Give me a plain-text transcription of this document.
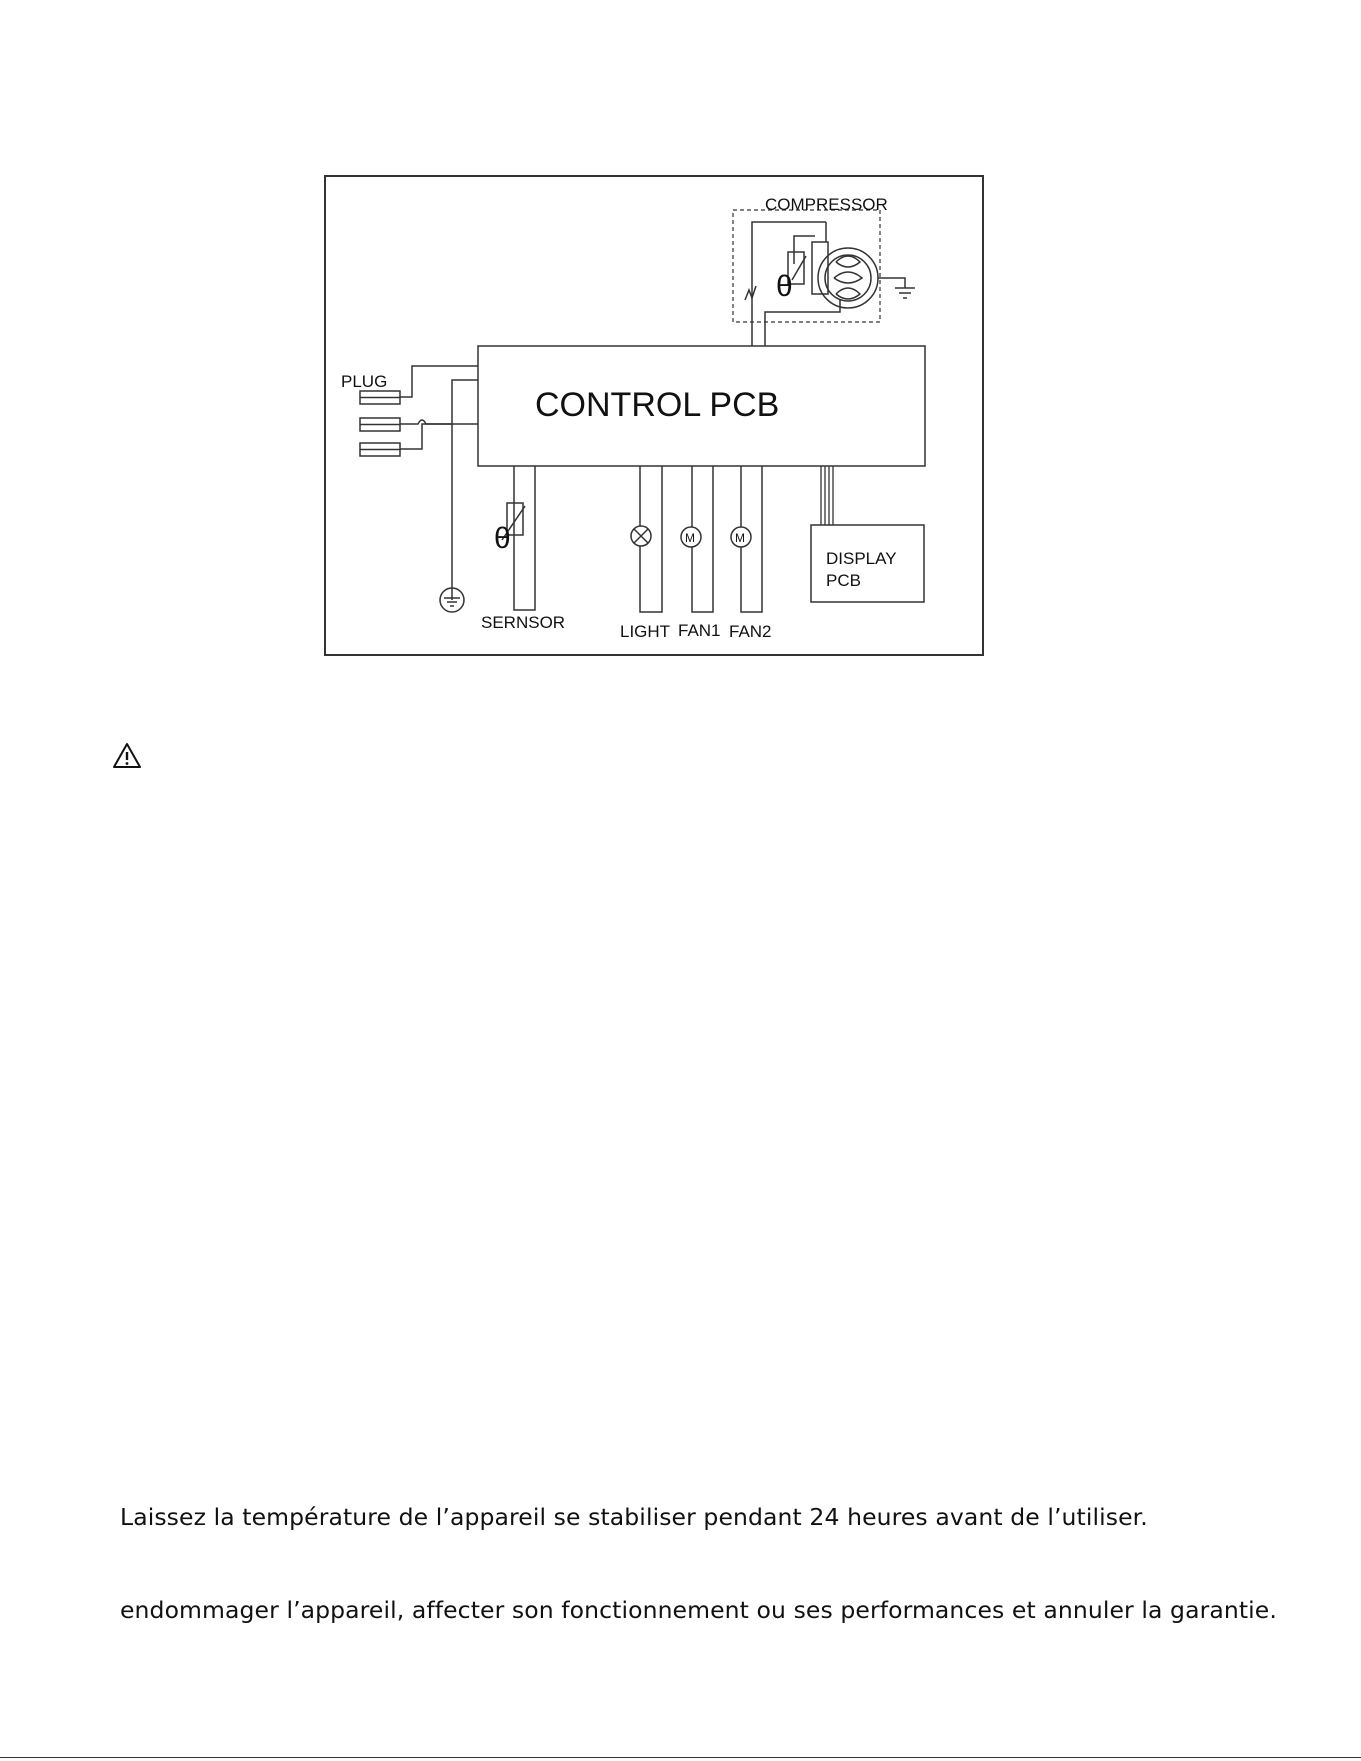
COMPRESSOR
θ
CONTROL PCB
PLUG
θ
SERNSOR	LIGHT
M
FAN1
M
FAN2
DISPLAY
PCB

Laissez la température de l’appareil se stabiliser pendant 24 heures avant de l’utiliser.

endommager l’appareil, affecter son fonctionnement ou ses performances et annuler la garantie.
